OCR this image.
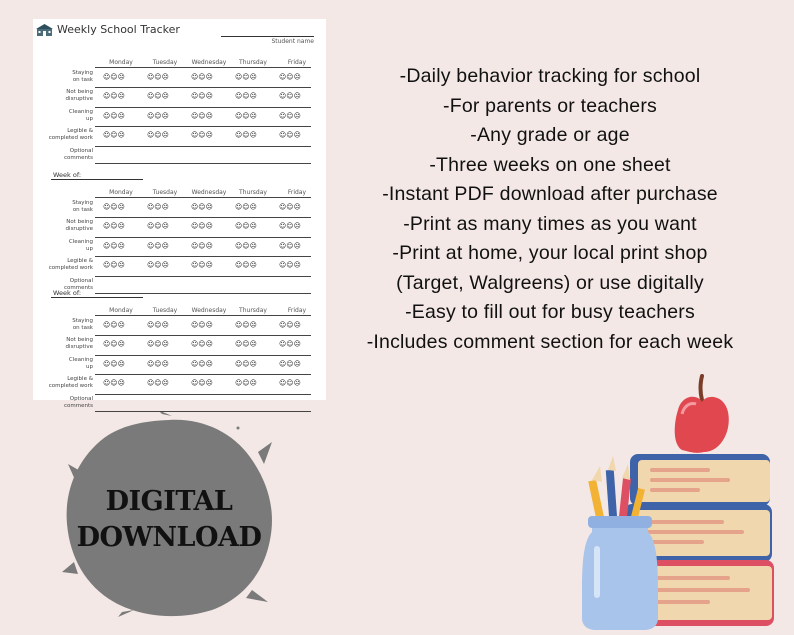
Weekly School Tracker
Student name
Monday	Tuesday	Wednesday	Thursday	Friday
Staying
on task ☺☺☹	☺☺☹	☺☺☹	☺☺☹	☺☺☹
Not being
disruptive ☺☺☹	☺☺☹	☺☺☹	☺☺☹	☺☺☹
Cleaning
up ☺☺☹	☺☺☹	☺☺☹	☺☺☹	☺☺☹
Legible &
completed work ☺☺☹	☺☺☹	☺☺☹	☺☺☹	☺☺☹
Optional
comments
Week of:
Monday	Tuesday	Wednesday	Thursday	Friday
Staying
on task ☺☺☹	☺☺☹	☺☺☹	☺☺☹	☺☺☹
Not being
disruptive ☺☺☹	☺☺☹	☺☺☹	☺☺☹	☺☺☹
Cleaning
up ☺☺☹	☺☺☹	☺☺☹	☺☺☹	☺☺☹
Legible &
completed work ☺☺☹	☺☺☹	☺☺☹	☺☺☹	☺☺☹
Optional
comments
Week of:
Monday	Tuesday	Wednesday	Thursday	Friday
Staying
on task ☺☺☹	☺☺☹	☺☺☹	☺☺☹	☺☺☹
Not being
disruptive ☺☺☹	☺☺☹	☺☺☹	☺☺☹	☺☺☹
Cleaning
up ☺☺☹	☺☺☹	☺☺☹	☺☺☹	☺☺☹
Legible &
completed work ☺☺☹	☺☺☹	☺☺☹	☺☺☹	☺☺☹
Optional
comments
-Daily behavior tracking for school
-For parents or teachers
-Any grade or age
-Three weeks on one sheet
-Instant PDF download after purchase
-Print as many times as you want
-Print at home, your local print shop
(Target, Walgreens) or use digitally
-Easy to fill out for busy teachers
-Includes comment section for each week
DIGITAL
DOWNLOAD
